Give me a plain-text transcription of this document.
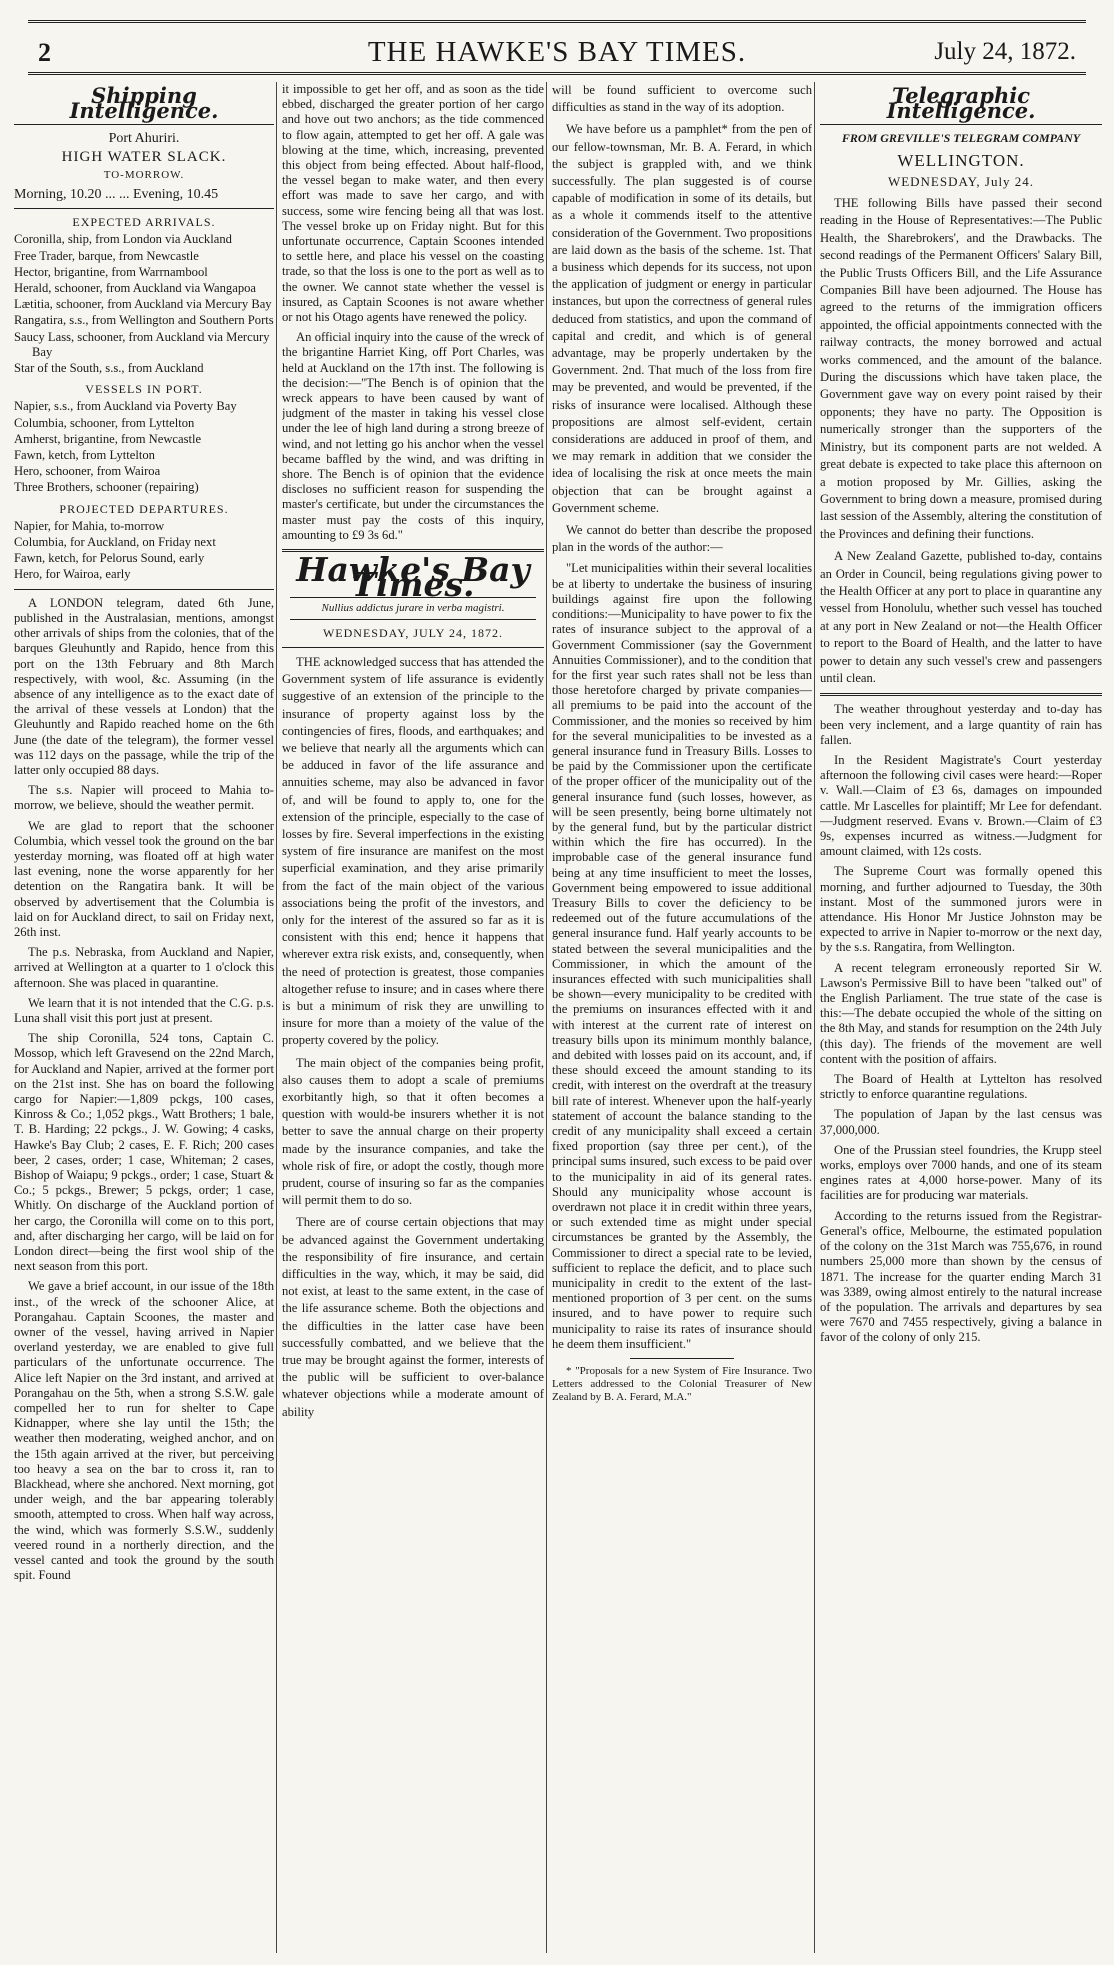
2	THE HAWKE'S BAY TIMES.	July 24, 1872.
Shipping Intelligence.
Port Ahuriri.
HIGH WATER SLACK.
TO-MORROW.
Morning, 10.20 ... ... Evening, 10.45
EXPECTED ARRIVALS.
Coronilla, ship, from London via Auckland
Free Trader, barque, from Newcastle
Hector, brigantine, from Warrnambool
Herald, schooner, from Auckland via Wangapoa
Lætitia, schooner, from Auckland via Mercury Bay
Rangatira, s.s., from Wellington and Southern Ports
Saucy Lass, schooner, from Auckland via Mercury Bay
Star of the South, s.s., from Auckland
VESSELS IN PORT.
Napier, s.s., from Auckland via Poverty Bay
Columbia, schooner, from Lyttelton
Amherst, brigantine, from Newcastle
Fawn, ketch, from Lyttelton
Hero, schooner, from Wairoa
Three Brothers, schooner (repairing)
PROJECTED DEPARTURES.
Napier, for Mahia, to-morrow
Columbia, for Auckland, on Friday next
Fawn, ketch, for Pelorus Sound, early
Hero, for Wairoa, early

A LONDON telegram, dated 6th June, published in the Australasian, mentions, amongst other arrivals of ships from the colonies, that of the barques Gleuhuntly and Rapido, hence from this port on the 13th February and 8th March respectively, with wool, &c. Assuming (in the absence of any intelligence as to the exact date of the arrival of these vessels at London) that the Gleuhuntly and Rapido reached home on the 6th June (the date of the telegram), the former vessel was 112 days on the passage, while the trip of the latter only occupied 88 days.

The s.s. Napier will proceed to Mahia to-morrow, we believe, should the weather permit.

We are glad to report that the schooner Columbia, which vessel took the ground on the bar yesterday morning, was floated off at high water last evening, none the worse apparently for her detention on the Rangatira bank. It will be observed by advertisement that the Columbia is laid on for Auckland direct, to sail on Friday next, 26th inst.

The p.s. Nebraska, from Auckland and Napier, arrived at Wellington at a quarter to 1 o'clock this afternoon. She was placed in quarantine.

We learn that it is not intended that the C.G. p.s. Luna shall visit this port just at present.

The ship Coronilla, 524 tons, Captain C. Mossop, which left Gravesend on the 22nd March, for Auckland and Napier, arrived at the former port on the 21st inst. She has on board the following cargo for Napier:—1,809 pckgs, 100 cases, Kinross & Co.; 1,052 pkgs., Watt Brothers; 1 bale, T. B. Harding; 22 pckgs., J. W. Gowing; 4 casks, Hawke's Bay Club; 2 cases, E. F. Rich; 200 cases beer, 2 cases, order; 1 case, Whiteman; 2 cases, Bishop of Waiapu; 9 pckgs., order; 1 case, Stuart & Co.; 5 pckgs., Brewer; 5 pckgs, order; 1 case, Whitly. On discharge of the Auckland portion of her cargo, the Coronilla will come on to this port, and, after discharging her cargo, will be laid on for London direct—being the first wool ship of the next season from this port.

We gave a brief account, in our issue of the 18th inst., of the wreck of the schooner Alice, at Porangahau. Captain Scoones, the master and owner of the vessel, having arrived in Napier overland yesterday, we are enabled to give full particulars of the unfortunate occurrence. The Alice left Napier on the 3rd instant, and arrived at Porangahau on the 5th, when a strong S.S.W. gale compelled her to run for shelter to Cape Kidnapper, where she lay until the 15th; the weather then moderating, weighed anchor, and on the 15th again arrived at the river, but perceiving too heavy a sea on the bar to cross it, ran to Blackhead, where she anchored. Next morning, got under weigh, and the bar appearing tolerably smooth, attempted to cross. When half way across, the wind, which was formerly S.S.W., suddenly veered round in a northerly direction, and the vessel canted and took the ground by the south spit. Found

it impossible to get her off, and as soon as the tide ebbed, discharged the greater portion of her cargo and hove out two anchors; as the tide commenced to flow again, attempted to get her off. A gale was blowing at the time, which, increasing, prevented this object from being effected. About half-flood, the vessel began to make water, and then every effort was made to save her cargo, and with success, some wire fencing being all that was lost. The vessel broke up on Friday night. But for this unfortunate occurrence, Captain Scoones intended to settle here, and place his vessel on the coasting trade, so that the loss is one to the port as well as to the owner. We cannot state whether the vessel is insured, as Captain Scoones is not aware whether or not his Otago agents have renewed the policy.

An official inquiry into the cause of the wreck of the brigantine Harriet King, off Port Charles, was held at Auckland on the 17th inst. The following is the decision:—"The Bench is of opinion that the wreck appears to have been caused by want of judgment of the master in taking his vessel close under the lee of high land during a strong breeze of wind, and not letting go his anchor when the vessel became baffled by the wind, and was drifting in shore. The Bench is of opinion that the evidence discloses no sufficient reason for suspending the master's certificate, but under the circumstances the master must pay the costs of this inquiry, amounting to £9 3s 6d."

Hawke's Bay Times.
Nullius addictus jurare in verba magistri.
WEDNESDAY, JULY 24, 1872.

THE acknowledged success that has attended the Government system of life assurance is evidently suggestive of an extension of the principle to the insurance of property against loss by the contingencies of fires, floods, and earthquakes; and we believe that nearly all the arguments which can be adduced in favor of the life assurance and annuities scheme, may also be advanced in favor of, and will be found to apply to, one for the extension of the principle, especially to the case of losses by fire. Several imperfections in the existing system of fire insurance are manifest on the most superficial examination, and they arise primarily from the fact of the main object of the various associations being the profit of the investors, and only for the interest of the assured so far as it is consistent with this end; hence it happens that wherever extra risk exists, and, consequently, when the need of protection is greatest, those companies altogether refuse to insure; and in cases where there is but a minimum of risk they are unwilling to insure for more than a moiety of the value of the property covered by the policy.

The main object of the companies being profit, also causes them to adopt a scale of premiums exorbitantly high, so that it often becomes a question with would-be insurers whether it is not better to save the annual charge on their property made by the insurance companies, and take the whole risk of fire, or adopt the costly, though more prudent, course of insuring so far as the companies will permit them to do so.

There are of course certain objections that may be advanced against the Government undertaking the responsibility of fire insurance, and certain difficulties in the way, which, it may be said, did not exist, at least to the same extent, in the case of the life assurance scheme. Both the objections and the difficulties in the latter case have been successfully combatted, and we believe that the true may be brought against the former, interests of the public will be sufficient to over-balance whatever objections while a moderate amount of ability

will be found sufficient to overcome such difficulties as stand in the way of its adoption.

We have before us a pamphlet* from the pen of our fellow-townsman, Mr. B. A. Ferard, in which the subject is grappled with, and we think successfully. The plan suggested is of course capable of modification in some of its details, but as a whole it commends itself to the attentive consideration of the Government. Two propositions are laid down as the basis of the scheme. 1st. That a business which depends for its success, not upon the application of judgment or energy in particular instances, but upon the correctness of general rules deduced from statistics, and upon the command of capital and credit, and which is of general advantage, may be properly undertaken by the Government. 2nd. That much of the loss from fire may be prevented, and would be prevented, if the risks of insurance were localised. Although these propositions are almost self-evident, certain considerations are adduced in proof of them, and we may remark in addition that we consider the idea of localising the risk at once meets the main objection that can be brought against a Government scheme.

We cannot do better than describe the proposed plan in the words of the author:—

"Let municipalities within their several localities be at liberty to undertake the business of insuring buildings against fire upon the following conditions:—Municipality to have power to fix the rates of insurance subject to the approval of a Government Commissioner (say the Government Annuities Commissioner), and to the condition that for the first year such rates shall not be less than those heretofore charged by private companies—all premiums to be paid into the account of the Commissioner, and the monies so received by him for the several municipalities to be invested as a general insurance fund in Treasury Bills. Losses to be paid by the Commissioner upon the certificate of the proper officer of the municipality out of the general insurance fund (such losses, however, as will be seen presently, being borne ultimately not by the general fund, but by the particular district within which the fire has occurred). In the improbable case of the general insurance fund being at any time insufficient to meet the losses, Government being empowered to issue additional Treasury Bills to cover the deficiency to be redeemed out of the future accumulations of the general insurance fund. Half yearly accounts to be stated between the several municipalities and the Commissioner, in which the amount of the insurances effected with such municipalities shall be shown—every municipality to be credited with the premiums on insurances effected with it and with interest at the current rate of interest on treasury bills upon its minimum monthly balance, and debited with losses paid on its account, and, if these should exceed the amount standing to its credit, with interest on the overdraft at the treasury bill rate of interest. Whenever upon the half-yearly statement of account the balance standing to the credit of any municipality shall exceed a certain fixed proportion (say three per cent.), of the principal sums insured, such excess to be paid over to the municipality in aid of its general rates. Should any municipality whose account is overdrawn not place it in credit within three years, or such extended time as might under special circumstances be granted by the Assembly, the Commissioner to direct a special rate to be levied, sufficient to replace the deficit, and to place such municipality in credit to the extent of the last-mentioned proportion of 3 per cent. on the sums insured, and to have power to require such municipality to raise its rates of insurance should he deem them insufficient."

* "Proposals for a new System of Fire Insurance. Two Letters addressed to the Colonial Treasurer of New Zealand by B. A. Ferard, M.A."

Telegraphic Intelligence.
FROM GREVILLE'S TELEGRAM COMPANY
WELLINGTON.
WEDNESDAY, July 24.

THE following Bills have passed their second reading in the House of Representatives:—The Public Health, the Sharebrokers', and the Drawbacks. The second readings of the Permanent Officers' Salary Bill, the Public Trusts Officers Bill, and the Life Assurance Companies Bill have been adjourned. The House has agreed to the returns of the immigration officers appointed, the official appointments connected with the railway contracts, the money borrowed and actual works commenced, and the amount of the balance. During the discussions which have taken place, the Government gave way on every point raised by their opponents; they have no party. The Opposition is numerically stronger than the supporters of the Ministry, but its component parts are not welded. A great debate is expected to take place this afternoon on a motion proposed by Mr. Gillies, asking the Government to bring down a measure, promised during last session of the Assembly, altering the constitution of the Provinces and defining their functions.

A New Zealand Gazette, published to-day, contains an Order in Council, being regulations giving power to the Health Officer at any port to place in quarantine any vessel from Honolulu, whether such vessel has touched at any port in New Zealand or not—the Health Officer to report to the Board of Health, and the latter to have power to detain any such vessel's crew and passengers until clean.

The weather throughout yesterday and to-day has been very inclement, and a large quantity of rain has fallen.

In the Resident Magistrate's Court yesterday afternoon the following civil cases were heard:—Roper v. Wall.—Claim of £3 6s, damages on impounded cattle. Mr Lascelles for plaintiff; Mr Lee for defendant.—Judgment reserved. Evans v. Brown.—Claim of £3 9s, expenses incurred as witness.—Judgment for amount claimed, with 12s costs.

The Supreme Court was formally opened this morning, and further adjourned to Tuesday, the 30th instant. Most of the summoned jurors were in attendance. His Honor Mr Justice Johnston may be expected to arrive in Napier to-morrow or the next day, by the s.s. Rangatira, from Wellington.

A recent telegram erroneously reported Sir W. Lawson's Permissive Bill to have been "talked out" of the English Parliament. The true state of the case is this:—The debate occupied the whole of the sitting on the 8th May, and stands for resumption on the 24th July (this day). The friends of the movement are well content with the position of affairs.

The Board of Health at Lyttelton has resolved strictly to enforce quarantine regulations.

The population of Japan by the last census was 37,000,000.

One of the Prussian steel foundries, the Krupp steel works, employs over 7000 hands, and one of its steam engines rates at 4,000 horse-power. Many of its facilities are for producing war materials.

According to the returns issued from the Registrar-General's office, Melbourne, the estimated population of the colony on the 31st March was 755,676, in round numbers 25,000 more than shown by the census of 1871. The increase for the quarter ending March 31 was 3389, owing almost entirely to the natural increase of the population. The arrivals and departures by sea were 7670 and 7455 respectively, giving a balance in favor of the colony of only 215.
